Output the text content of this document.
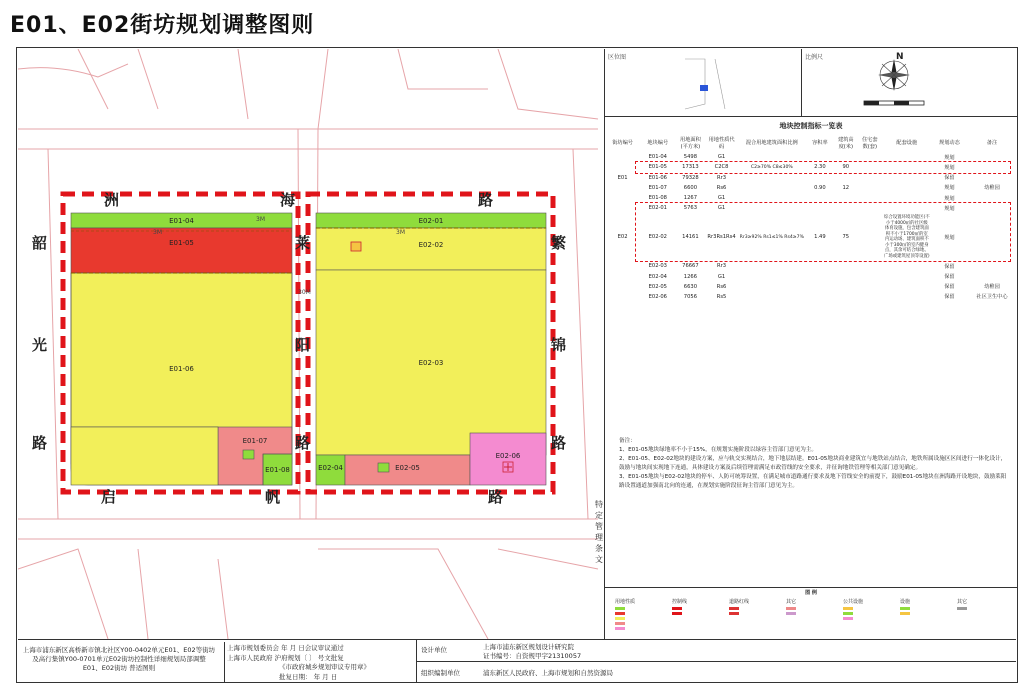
E01、E02街坊规划调整图则
洲	海	路
韶
光
路
莱
阳
路
繁
锦
路
启	帆	路
E01-04
E01-05
E01-06
E01-07
E01-08
E02-01
E02-02
E02-03
E02-04	E02-05
E02-06
3M
3M
3M
30M
区位图	比例尺	N
地块控制指标一览表
街坊编号	地块编号	用地面积(平方米)	用地性质代码	混合用地建筑面积比例	容积率	建筑高度(米)	住宅套数(套)	配套设施	规划动态	备注
	E01-04	5498	G1						规划	
	E01-05	17313	C2C8	C2≥70% C8≤30%	2.30	90			规划	
E01	E01-06	79328	Rr3						保留	
	E01-07	6600	Rs6		0.90	12			规划	幼稚园
	E01-08	1267	G1						规划	
	E02-01	5763	G1						规划	
E02	E02-02	14161	Rr3Rs1Rs4	Rr3≥92% Rs1≤1% Rs4≥7%	1.49	75		综合设置环境功能区(不小于4000㎡的社区级体育设施，包含建筑面积不小于1700㎡的室内运动场、建筑面积不小于300㎡的室内健身点，其余可结合绿地、广场或建筑屋顶等设置)	规划	
	E02-03	76667	Rr3						保留	
	E02-04	1266	G1						保留	
	E02-05	6630	Rs6						保留	幼稚园
	E02-06	7056	Rs5						保留	社区卫生中心
备注：
1、E01-05地块绿地率不小于15%，在规划实施阶段以绿容主管部门意见为主。
2、E01-05、E02-02地块的建设方案，应与轨交实现结合，地下地层结建。E01-05地块商业建筑宜与地铁站点结合，地铁所属设施区区间进行一体化设计，鼓励与地块间实现地下连通，具体建设方案及后续管理需满足市政管线的安全要求，并征询地铁管理等相关部门意见确定。
3、E01-05地块与E02-02地块的停车、人防可统筹设置，在满足城市道路通行要求及地下管线安全的前提下，鼓励E01-05地块在洲海路开设地块，鼓励莱阳路设置通道加强南北向的连通，在规划实施阶段征询主管部门意见为主。
特定管理条文
图 例
用地性质	控制线	道路红线	其它	公共设施	设施	其它
上海市浦东新区高桥新市镇北社区Y00-0402单元E01、E02等街坊及高行集镇Y00-0701单元E02街坊控制性详细规划局部调整
E01、E02街坊 普适图则
上海市规划委员会 年 月 日会议审议通过
上海市人民政府 沪府规划〔 〕 号文批复
《市政府城乡规划审议专用章》
批复日期： 年 月 日
设计单位	上海市浦东新区规划设计研究院
证书编号：自资规甲字21310057
组织编制单位	浦东新区人民政府、上海市规划和自然资源局
